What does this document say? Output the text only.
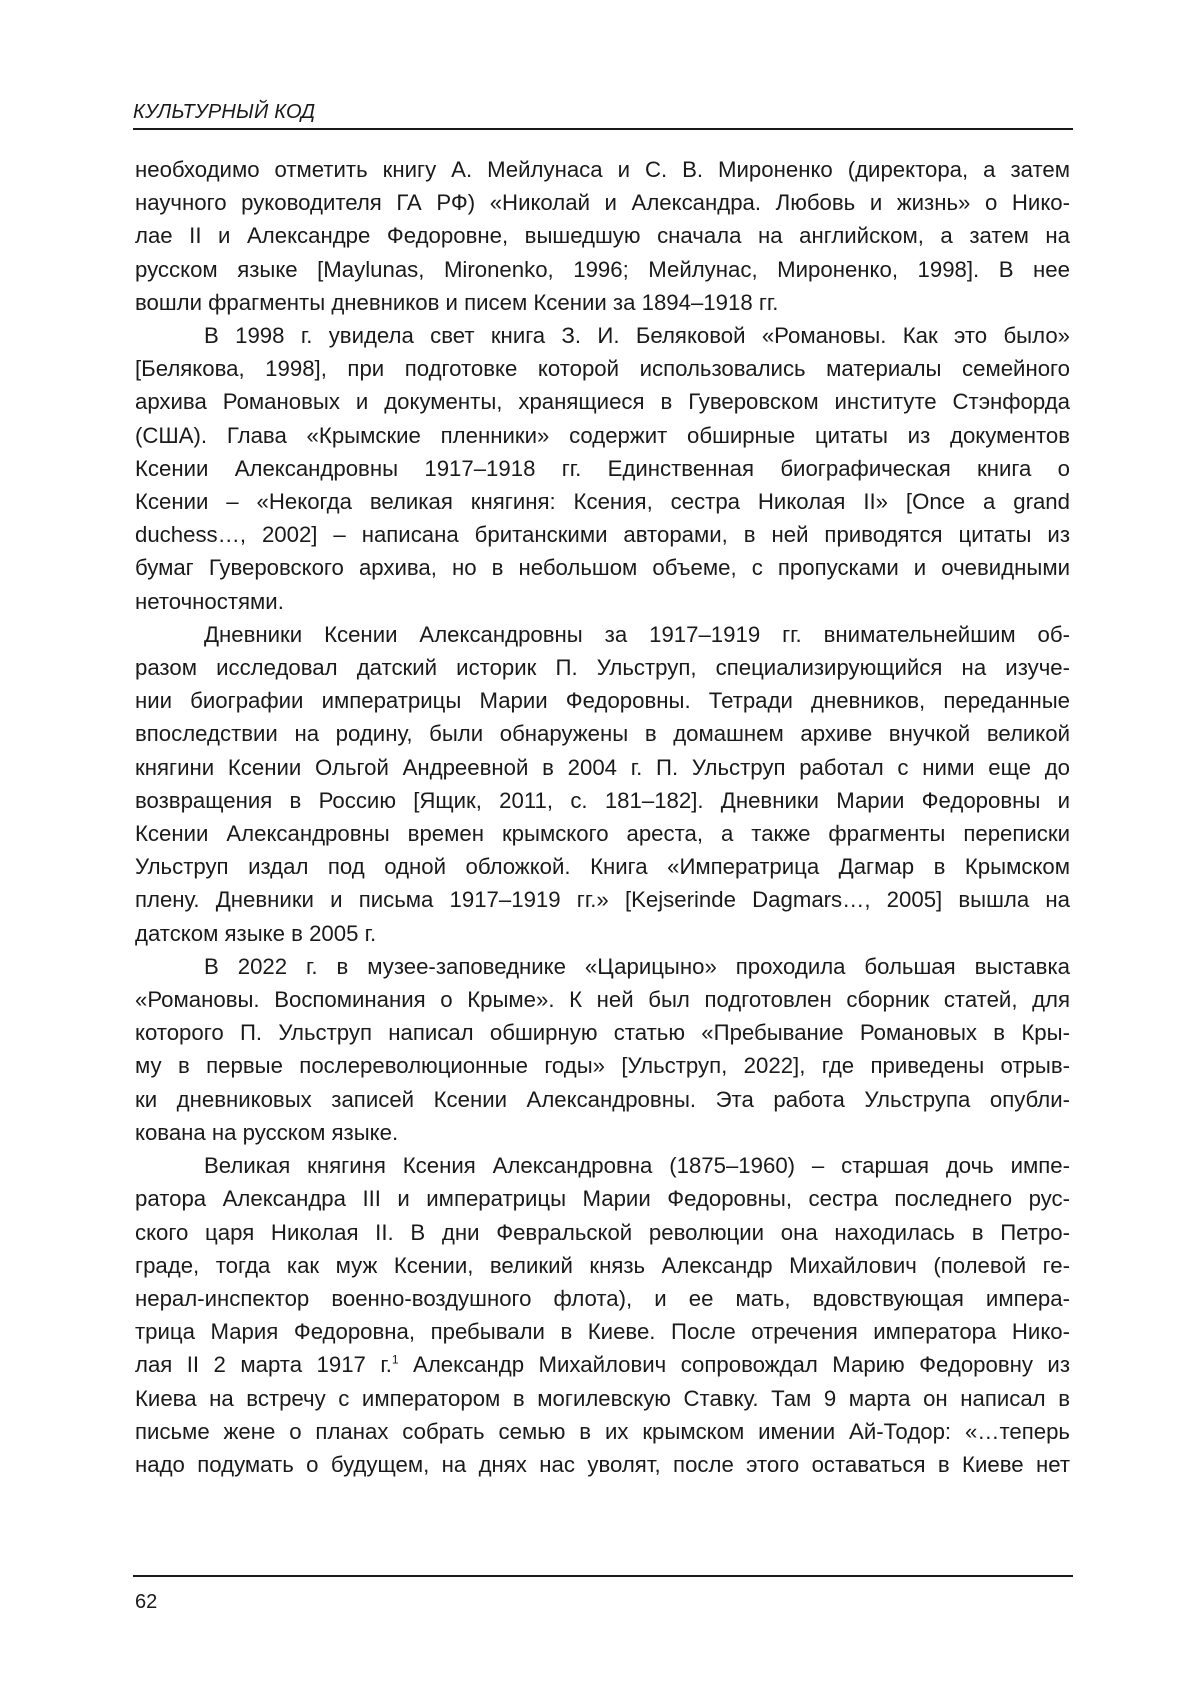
КУЛЬТУРНЫЙ КОД
необходимо отметить книгу А. Мейлунаса и С. В. Мироненко (директора, а затем
научного руководителя ГА РФ) «Николай и Александра. Любовь и жизнь» о Нико-
лае II и Александре Федоровне, вышедшую сначала на английском, а затем на
русском языке [Maylunas, Mironenko, 1996; Мейлунас, Мироненко, 1998]. В нее
вошли фрагменты дневников и писем Ксении за 1894–1918 гг.
В 1998 г. увидела свет книга З. И. Беляковой «Романовы. Как это было»
[Белякова, 1998], при подготовке которой использовались материалы семейного
архива Романовых и документы, хранящиеся в Гуверовском институте Стэнфорда
(США). Глава «Крымские пленники» содержит обширные цитаты из документов
Ксении Александровны 1917–1918 гг. Единственная биографическая книга о
Ксении – «Некогда великая княгиня: Ксения, сестра Николая II» [Once a grand
duchess…, 2002] – написана британскими авторами, в ней приводятся цитаты из
бумаг Гуверовского архива, но в небольшом объеме, с пропусками и очевидными
неточностями.
Дневники Ксении Александровны за 1917–1919 гг. внимательнейшим об-
разом исследовал датский историк П. Ульструп, специализирующийся на изуче-
нии биографии императрицы Марии Федоровны. Тетради дневников, переданные
впоследствии на родину, были обнаружены в домашнем архиве внучкой великой
княгини Ксении Ольгой Андреевной в 2004 г. П. Ульструп работал с ними еще до
возвращения в Россию [Ящик, 2011, с. 181–182]. Дневники Марии Федоровны и
Ксении Александровны времен крымского ареста, а также фрагменты переписки
Ульструп издал под одной обложкой. Книга «Императрица Дагмар в Крымском
плену. Дневники и письма 1917–1919 гг.» [Kejserinde Dagmars…, 2005] вышла на
датском языке в 2005 г.
В 2022 г. в музее-заповеднике «Царицыно» проходила большая выставка
«Романовы. Воспоминания о Крыме». К ней был подготовлен сборник статей, для
которого П. Ульструп написал обширную статью «Пребывание Романовых в Кры-
му в первые послереволюционные годы» [Ульструп, 2022], где приведены отрыв-
ки дневниковых записей Ксении Александровны. Эта работа Ульструпа опубли-
кована на русском языке.
Великая княгиня Ксения Александровна (1875–1960) – старшая дочь импе-
ратора Александра III и императрицы Марии Федоровны, сестра последнего рус-
ского царя Николая II. В дни Февральской революции она находилась в Петро-
граде, тогда как муж Ксении, великий князь Александр Михайлович (полевой ге-
нерал-инспектор военно-воздушного флота), и ее мать, вдовствующая импера-
трица Мария Федоровна, пребывали в Киеве. После отречения императора Нико-
лая II 2 марта 1917 г.$^1$ Александр Михайлович сопровождал Марию Федоровну из
Киева на встречу с императором в могилевскую Ставку. Там 9 марта он написал в
письме жене о планах собрать семью в их крымском имении Ай-Тодор: «…теперь
надо подумать о будущем, на днях нас уволят, после этого оставаться в Киеве нет
62
